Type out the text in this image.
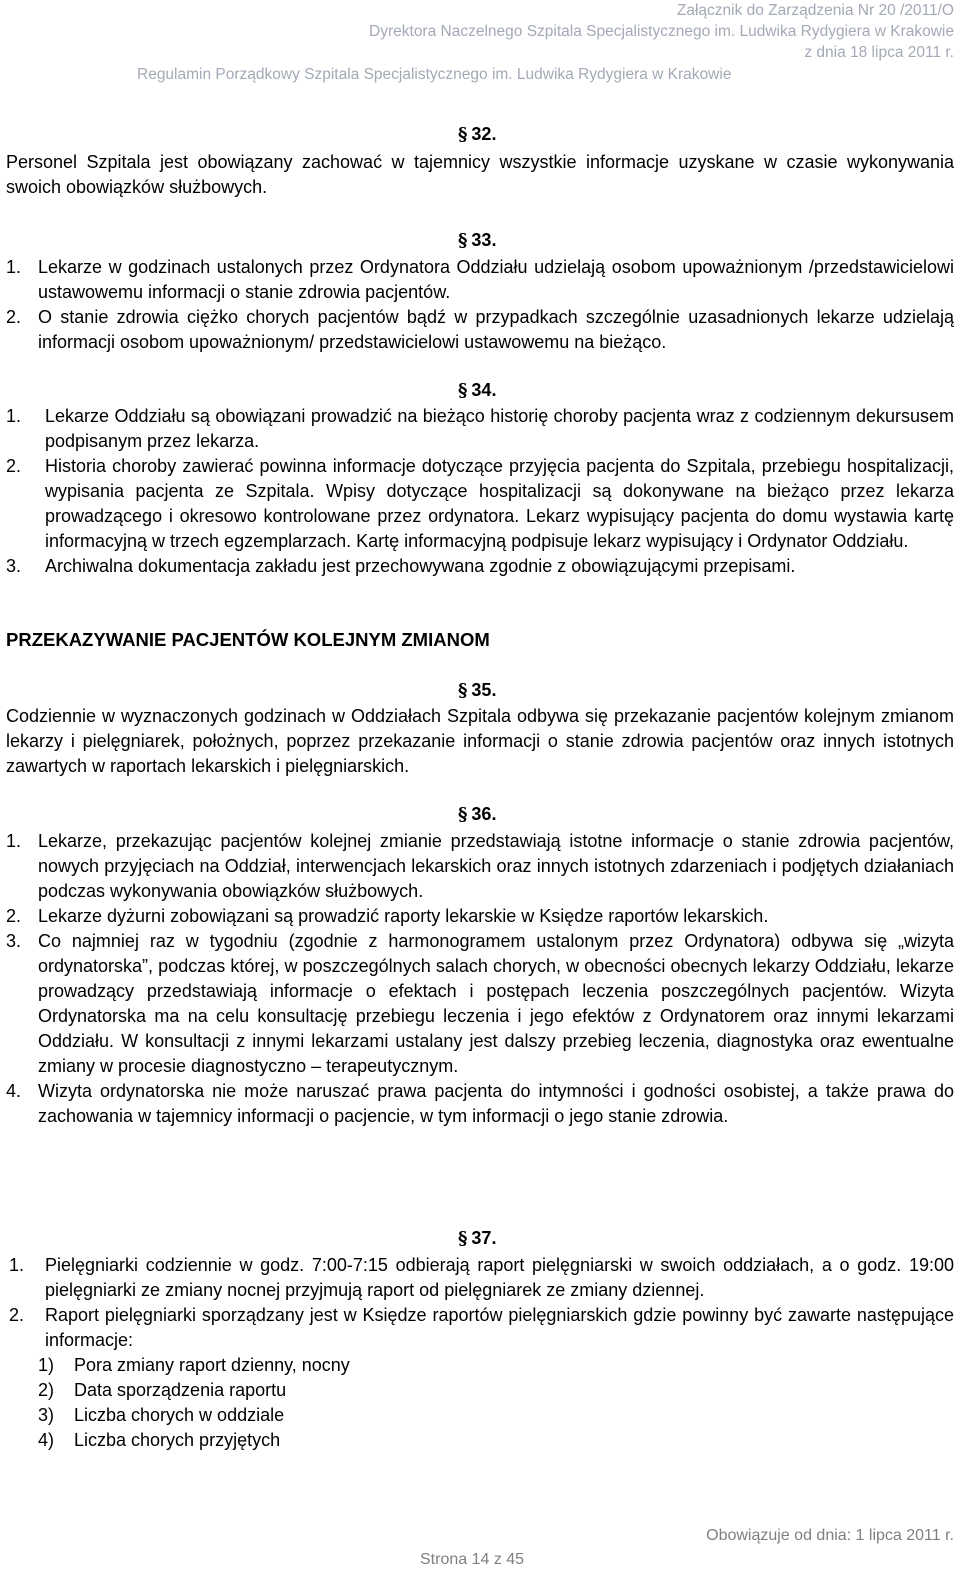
Załącznik do Zarządzenia Nr 20 /2011/O
Dyrektora Naczelnego Szpitala Specjalistycznego im. Ludwika Rydygiera w Krakowie
z dnia 18 lipca 2011 r.
Regulamin Porządkowy Szpitala Specjalistycznego im. Ludwika Rydygiera w Krakowie
§ 32.
Personel Szpitala jest obowiązany zachować w tajemnicy wszystkie informacje uzyskane w czasie wykonywania swoich obowiązków służbowych.
§ 33.
1. Lekarze w godzinach ustalonych przez Ordynatora Oddziału udzielają osobom upoważnionym /przedstawicielowi ustawowemu informacji o stanie zdrowia pacjentów.
2. O stanie zdrowia ciężko chorych pacjentów bądź w przypadkach szczególnie uzasadnionych lekarze udzielają informacji osobom upoważnionym/ przedstawicielowi ustawowemu na bieżąco.
§ 34.
1. Lekarze Oddziału są obowiązani prowadzić na bieżąco historię choroby pacjenta wraz z codziennym dekursusem podpisanym przez lekarza.
2. Historia choroby zawierać powinna informacje dotyczące przyjęcia pacjenta do Szpitala, przebiegu hospitalizacji, wypisania pacjenta ze Szpitala. Wpisy dotyczące hospitalizacji są dokonywane na bieżąco przez lekarza prowadzącego i okresowo kontrolowane przez ordynatora. Lekarz wypisujący pacjenta do domu wystawia kartę informacyjną w trzech egzemplarzach. Kartę informacyjną podpisuje lekarz wypisujący i Ordynator Oddziału.
3. Archiwalna dokumentacja zakładu jest przechowywana zgodnie z obowiązującymi przepisami.
PRZEKAZYWANIE PACJENTÓW KOLEJNYM ZMIANOM
§ 35.
Codziennie w wyznaczonych godzinach w Oddziałach Szpitala odbywa się przekazanie pacjentów kolejnym zmianom lekarzy i pielęgniarek, położnych, poprzez przekazanie informacji o stanie zdrowia pacjentów oraz innych istotnych zawartych w raportach lekarskich i pielęgniarskich.
§ 36.
1. Lekarze, przekazując pacjentów kolejnej zmianie przedstawiają istotne informacje o stanie zdrowia pacjentów, nowych przyjęciach na Oddział, interwencjach lekarskich oraz innych istotnych zdarzeniach i podjętych działaniach podczas wykonywania obowiązków służbowych.
2. Lekarze dyżurni zobowiązani są prowadzić raporty lekarskie w Księdze raportów lekarskich.
3. Co najmniej raz w tygodniu (zgodnie z harmonogramem ustalonym przez Ordynatora) odbywa się „wizyta ordynatorska”, podczas której, w poszczególnych salach chorych, w obecności obecnych lekarzy Oddziału, lekarze prowadzący przedstawiają informacje o efektach i postępach leczenia poszczególnych pacjentów. Wizyta Ordynatorska ma na celu konsultację przebiegu leczenia i jego efektów z Ordynatorem oraz innymi lekarzami Oddziału. W konsultacji z innymi lekarzami ustalany jest dalszy przebieg leczenia, diagnostyka oraz ewentualne zmiany w procesie diagnostyczno – terapeutycznym.
4. Wizyta ordynatorska nie może naruszać prawa pacjenta do intymności i godności osobistej, a także prawa do zachowania w tajemnicy informacji o pacjencie, w tym informacji o jego stanie zdrowia.
§ 37.
1. Pielęgniarki codziennie w godz. 7:00-7:15 odbierają raport pielęgniarski w swoich oddziałach, a o godz. 19:00 pielęgniarki ze zmiany nocnej przyjmują raport od pielęgniarek ze zmiany dziennej.
2. Raport pielęgniarki sporządzany jest w Księdze raportów pielęgniarskich gdzie powinny być zawarte następujące informacje:
1) Pora zmiany raport dzienny, nocny
2) Data sporządzenia raportu
3) Liczba chorych w oddziale
4) Liczba chorych przyjętych
Strona 14 z 45
Obowiązuje od dnia: 1 lipca 2011 r.
